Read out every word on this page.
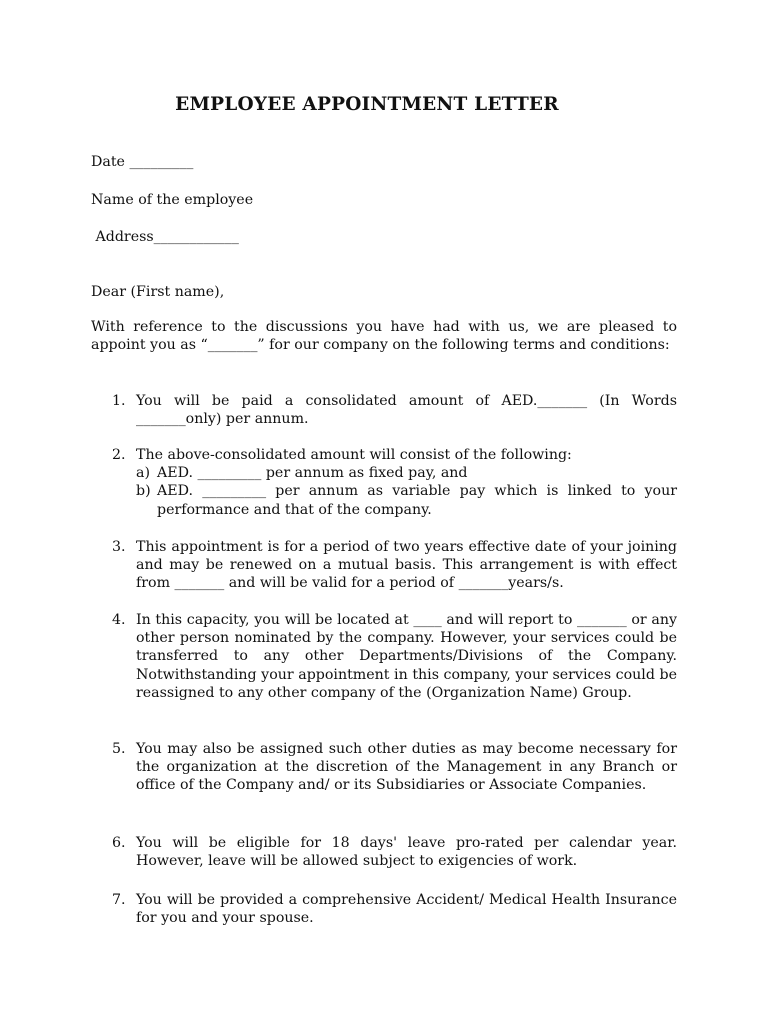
EMPLOYEE APPOINTMENT LETTER
Date _________
Name of the employee
Address____________
Dear (First name),
With reference to the discussions you have had with us, we are pleased to appoint you as “_______” for our company on the following terms and conditions:
1. You will be paid a consolidated amount of AED._______ (In Words _______only) per annum.
2. The above-consolidated amount will consist of the following:
a) AED. _________ per annum as fixed pay, and
b) AED. _________ per annum as variable pay which is linked to your performance and that of the company.
3. This appointment is for a period of two years effective date of your joining and may be renewed on a mutual basis. This arrangement is with effect from _______ and will be valid for a period of _______years/s.
4. In this capacity, you will be located at ____ and will report to _______ or any other person nominated by the company. However, your services could be transferred to any other Departments/Divisions of the Company. Notwithstanding your appointment in this company, your services could be reassigned to any other company of the (Organization Name) Group.
5. You may also be assigned such other duties as may become necessary for the organization at the discretion of the Management in any Branch or office of the Company and/ or its Subsidiaries or Associate Companies.
6. You will be eligible for 18 days' leave pro-rated per calendar year. However, leave will be allowed subject to exigencies of work.
7. You will be provided a comprehensive Accident/ Medical Health Insurance for you and your spouse.
